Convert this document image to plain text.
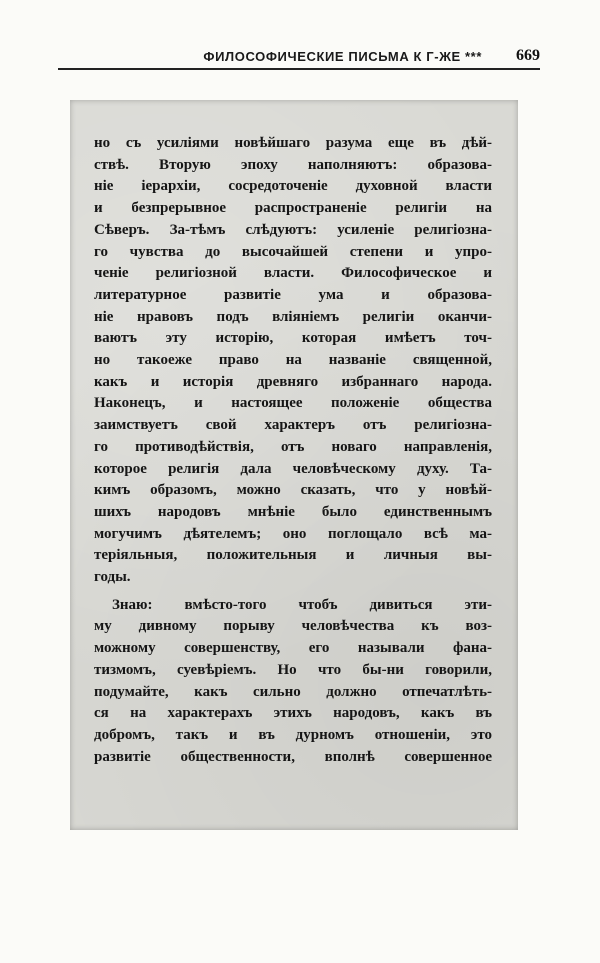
ФИЛОСОФИЧЕСКИЕ ПИСЬМА К Г-ЖЕ *** 669
но съ усиліями новѣйшаго разума еще въ дѣй-
ствѣ. Вторую эпоху наполняютъ: образова-
ніе іерархіи, сосредоточеніе духовной власти
и безпрерывное распространеніе религіи на
Сѣверъ. За-тѣмъ слѣдуютъ: усиленіе религіозна-
го чувства до высочайшей степени и упро-
ченіе религіозной власти. Философическое и
литературное развитіе ума и образова-
ніе нравовъ подъ вліяніемъ религіи оканчи-
ваютъ эту исторію, которая имѣетъ точ-
но такоеже право на названіе священной,
какъ и исторія древняго избраннаго народа.
Наконецъ, и настоящее положеніе общества
заимствуетъ свой характеръ отъ религіозна-
го противодѣйствія, отъ новаго направленія,
которое религія дала человѣческому духу. Та-
кимъ образомъ, можно сказать, что у новѣй-
шихъ народовъ мнѣніе было единственнымъ
могучимъ дѣятелемъ; оно поглощало всѣ ма-
теріяльныя, положительныя и личныя вы-
годы.
Знаю: вмѣсто-того чтобъ дивиться эти-
му дивному порыву человѣчества къ воз-
можному совершенству, его называли фана-
тизмомъ, суевѣріемъ. Но что бы-ни говорили,
подумайте, какъ сильно должно отпечатлѣть-
ся на характерахъ этихъ народовъ, какъ въ
добромъ, такъ и въ дурномъ отношеніи, это
развитіе общественности, вполнѣ совершенное
